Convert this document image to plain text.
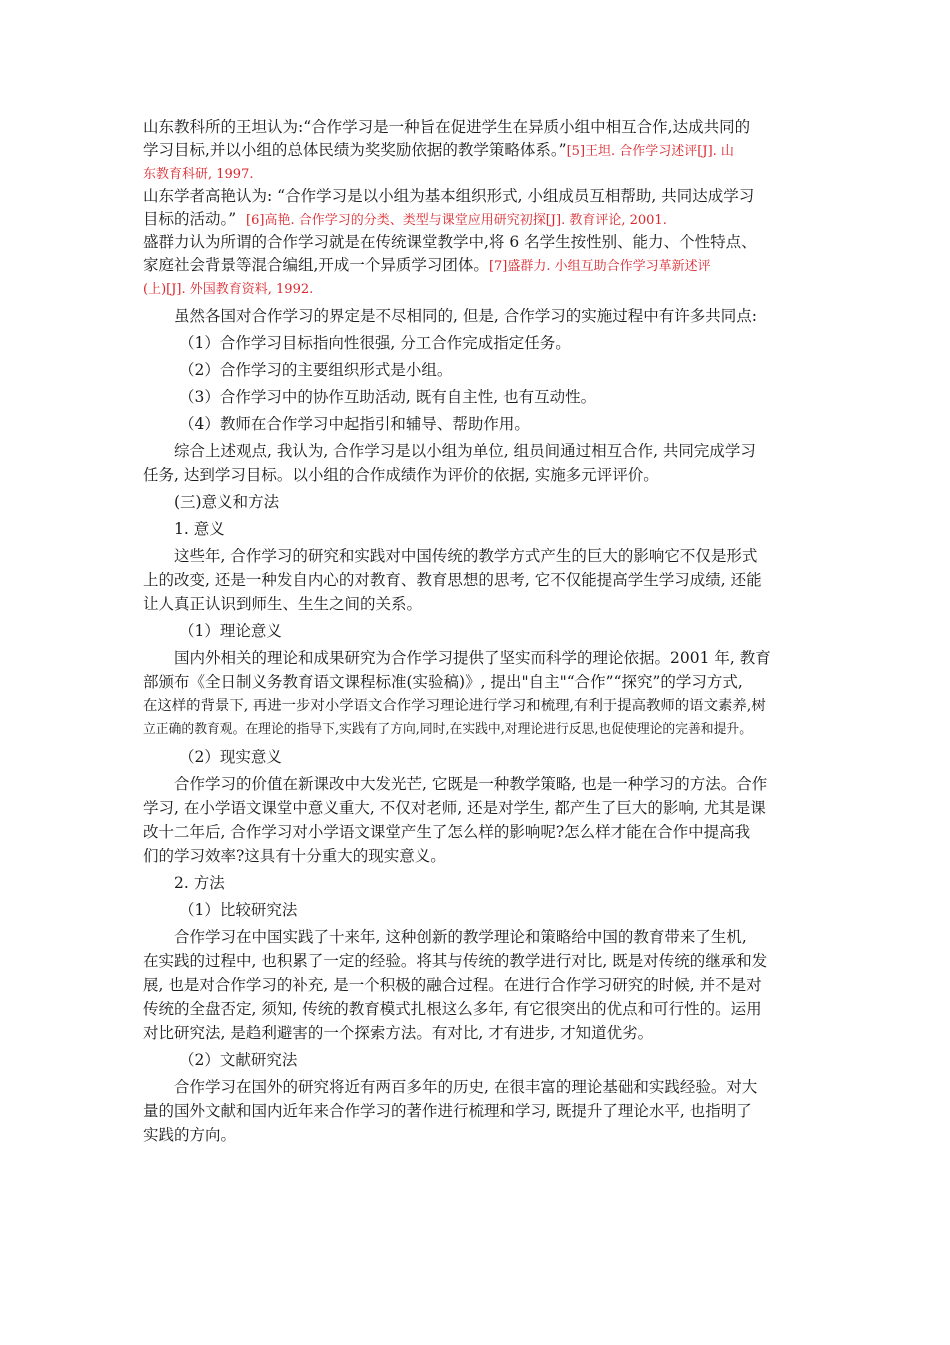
山东教科所的王坦认为:“合作学习是一种旨在促进学生在异质小组中相互合作,达成共同的
学习目标,并以小组的总体民绩为奖奖励依据的教学策略体系。”[5]王坦. 合作学习述评[J]. 山
东教育科研, 1997.
山东学者高艳认为: “合作学习是以小组为基本组织形式, 小组成员互相帮助, 共同达成学习
目标的活动。” [6]高艳. 合作学习的分类、类型与课堂应用研究初探[J]. 教育评论, 2001.
盛群力认为所谓的合作学习就是在传统课堂教学中,将 6 名学生按性别、能力、个性特点、
家庭社会背景等混合编组,开成一个异质学习团体。[7]盛群力. 小组互助合作学习革新述评
(上)[J]. 外国教育资料, 1992.
虽然各国对合作学习的界定是不尽相同的, 但是, 合作学习的实施过程中有许多共同点:
（1）合作学习目标指向性很强, 分工合作完成指定任务。
（2）合作学习的主要组织形式是小组。
（3）合作学习中的协作互助活动, 既有自主性, 也有互动性。
（4）教师在合作学习中起指引和辅导、帮助作用。
综合上述观点, 我认为, 合作学习是以小组为单位, 组员间通过相互合作, 共同完成学习
任务, 达到学习目标。以小组的合作成绩作为评价的依据, 实施多元评评价。
(三)意义和方法
1. 意义
这些年, 合作学习的研究和实践对中国传统的教学方式产生的巨大的影响它不仅是形式
上的改变, 还是一种发自内心的对教育、教育思想的思考, 它不仅能提高学生学习成绩, 还能
让人真正认识到师生、生生之间的关系。
（1）理论意义
国内外相关的理论和成果研究为合作学习提供了坚实而科学的理论依据。2001 年, 教育
部颁布《全日制义务教育语文课程标准(实验稿)》, 提出"自主"“合作”“探究”的学习方式,
在这样的背景下, 再进一步对小学语文合作学习理论进行学习和梳理,有利于提高教师的语文素养,树
立正确的教育观。在理论的指导下,实践有了方向,同时,在实践中,对理论进行反思,也促使理论的完善和提升。
（2）现实意义
合作学习的价值在新课改中大发光芒, 它既是一种教学策略, 也是一种学习的方法。合作
学习, 在小学语文课堂中意义重大, 不仅对老师, 还是对学生, 都产生了巨大的影响, 尤其是课
改十二年后, 合作学习对小学语文课堂产生了怎么样的影响呢?怎么样才能在合作中提高我
们的学习效率?这具有十分重大的现实意义。
2. 方法
（1）比较研究法
合作学习在中国实践了十来年, 这种创新的教学理论和策略给中国的教育带来了生机,
在实践的过程中, 也积累了一定的经验。将其与传统的教学进行对比, 既是对传统的继承和发
展, 也是对合作学习的补充, 是一个积极的融合过程。在进行合作学习研究的时候, 并不是对
传统的全盘否定, 须知, 传统的教育模式扎根这么多年, 有它很突出的优点和可行性的。运用
对比研究法, 是趋利避害的一个探索方法。有对比, 才有进步, 才知道优劣。
（2）文献研究法
合作学习在国外的研究将近有两百多年的历史, 在很丰富的理论基础和实践经验。对大
量的国外文献和国内近年来合作学习的著作进行梳理和学习, 既提升了理论水平, 也指明了
实践的方向。
